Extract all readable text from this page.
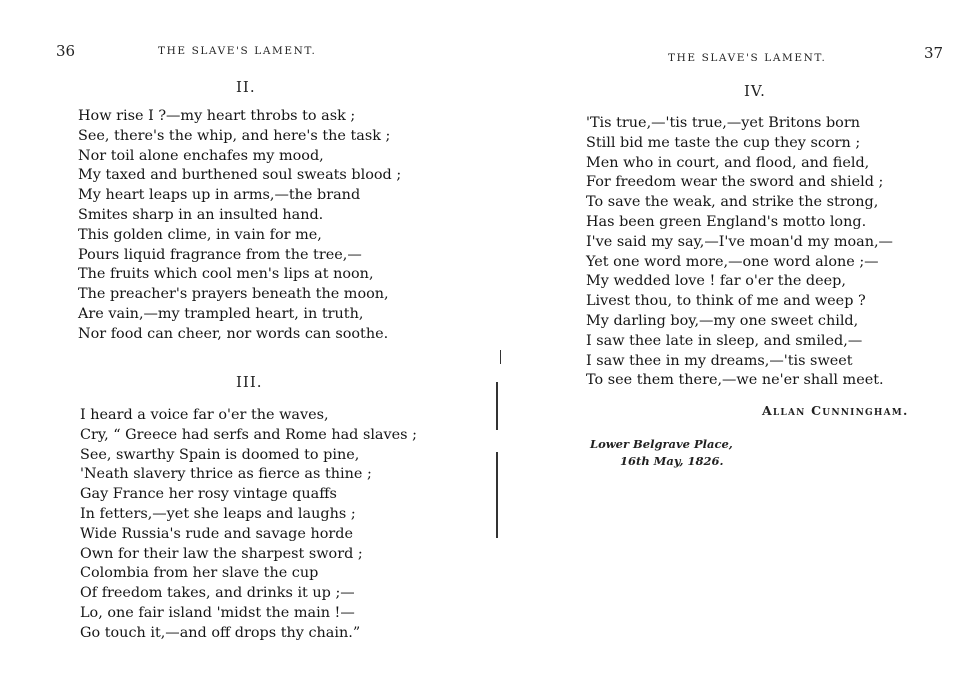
36	THE SLAVE'S LAMENT.
II.
How rise I ?—my heart throbs to ask ;
See, there's the whip, and here's the task ;
Nor toil alone enchafes my mood,
My taxed and burthened soul sweats blood ;
My heart leaps up in arms,—the brand
Smites sharp in an insulted hand.
This golden clime, in vain for me,
Pours liquid fragrance from the tree,—
The fruits which cool men's lips at noon,
The preacher's prayers beneath the moon,
Are vain,—my trampled heart, in truth,
Nor food can cheer, nor words can soothe.
III.
I heard a voice far o'er the waves,
Cry, “ Greece had serfs and Rome had slaves ;
See, swarthy Spain is doomed to pine,
'Neath slavery thrice as fierce as thine ;
Gay France her rosy vintage quaffs
In fetters,—yet she leaps and laughs ;
Wide Russia's rude and savage horde
Own for their law the sharpest sword ;
Colombia from her slave the cup
Of freedom takes, and drinks it up ;—
Lo, one fair island 'midst the main !—
Go touch it,—and off drops thy chain.”
THE SLAVE'S LAMENT.	37
IV.
'Tis true,—'tis true,—yet Britons born
Still bid me taste the cup they scorn ;
Men who in court, and flood, and field,
For freedom wear the sword and shield ;
To save the weak, and strike the strong,
Has been green England's motto long.
I've said my say,—I've moan'd my moan,—
Yet one word more,—one word alone ;—
My wedded love ! far o'er the deep,
Livest thou, to think of me and weep ?
My darling boy,—my one sweet child,
I saw thee late in sleep, and smiled,—
I saw thee in my dreams,—'tis sweet
To see them there,—we ne'er shall meet.
Allan Cunningham.
Lower Belgrave Place,
16th May, 1826.
